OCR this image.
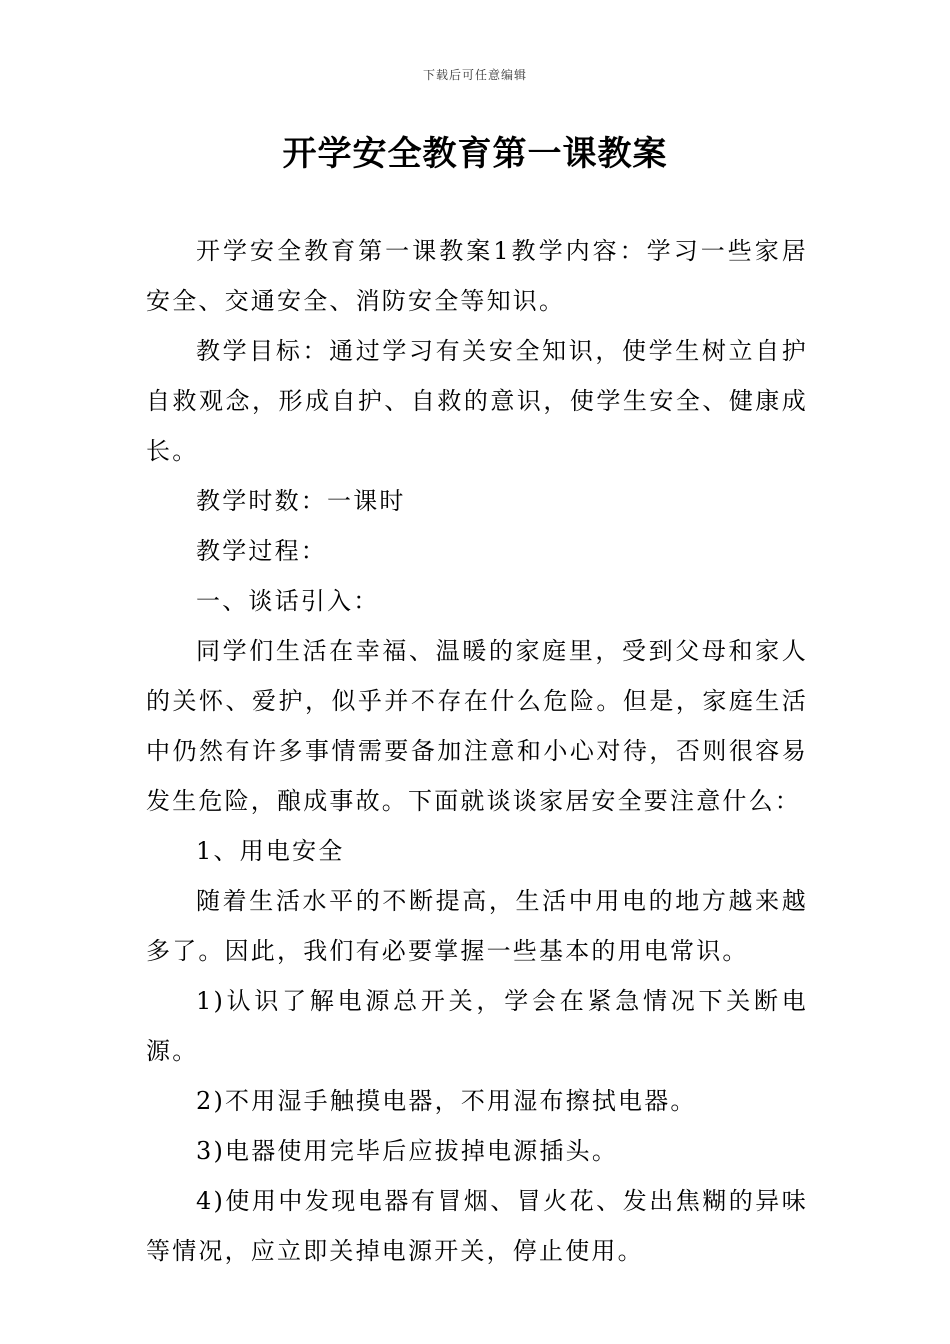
下载后可任意编辑
开学安全教育第一课教案

开学安全教育第一课教案1教学内容：学习一些家居安全、交通安全、消防安全等知识。

教学目标：通过学习有关安全知识，使学生树立自护自救观念，形成自护、自救的意识，使学生安全、健康成长。

教学时数：一课时

教学过程：

一、谈话引入：

同学们生活在幸福、温暖的家庭里，受到父母和家人的关怀、爱护，似乎并不存在什么危险。但是，家庭生活中仍然有许多事情需要备加注意和小心对待，否则很容易发生危险，酿成事故。下面就谈谈家居安全要注意什么：

1、用电安全

随着生活水平的不断提高，生活中用电的地方越来越多了。因此，我们有必要掌握一些基本的用电常识。

1)认识了解电源总开关，学会在紧急情况下关断电源。

2)不用湿手触摸电器，不用湿布擦拭电器。

3)电器使用完毕后应拔掉电源插头。

4)使用中发现电器有冒烟、冒火花、发出焦糊的异味等情况，应立即关掉电源开关，停止使用。
